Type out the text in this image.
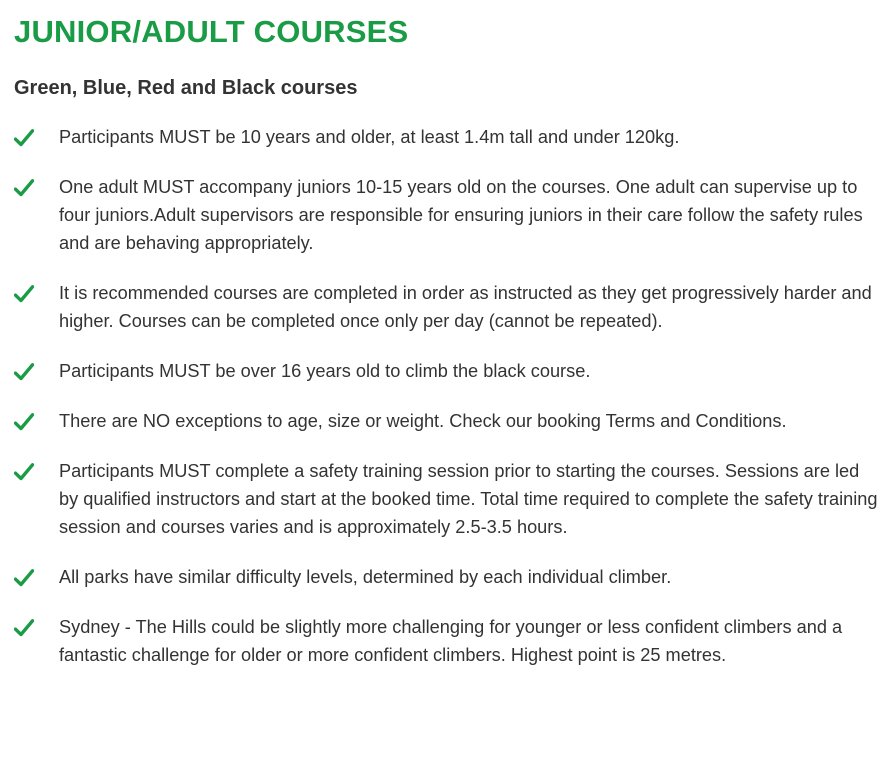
JUNIOR/ADULT COURSES
Green, Blue, Red and Black courses
Participants MUST be 10 years and older, at least 1.4m tall and under 120kg.
One adult MUST accompany juniors 10-15 years old on the courses. One adult can supervise up to four juniors.Adult supervisors are responsible for ensuring juniors in their care follow the safety rules and are behaving appropriately.
It is recommended courses are completed in order as instructed as they get progressively harder and higher. Courses can be completed once only per day (cannot be repeated).
Participants MUST be over 16 years old to climb the black course.
There are NO exceptions to age, size or weight. Check our booking Terms and Conditions.
Participants MUST complete a safety training session prior to starting the courses. Sessions are led by qualified instructors and start at the booked time. Total time required to complete the safety training session and courses varies and is approximately 2.5-3.5 hours.
All parks have similar difficulty levels, determined by each individual climber.
Sydney - The Hills could be slightly more challenging for younger or less confident climbers and a fantastic challenge for older or more confident climbers. Highest point is 25 metres.
